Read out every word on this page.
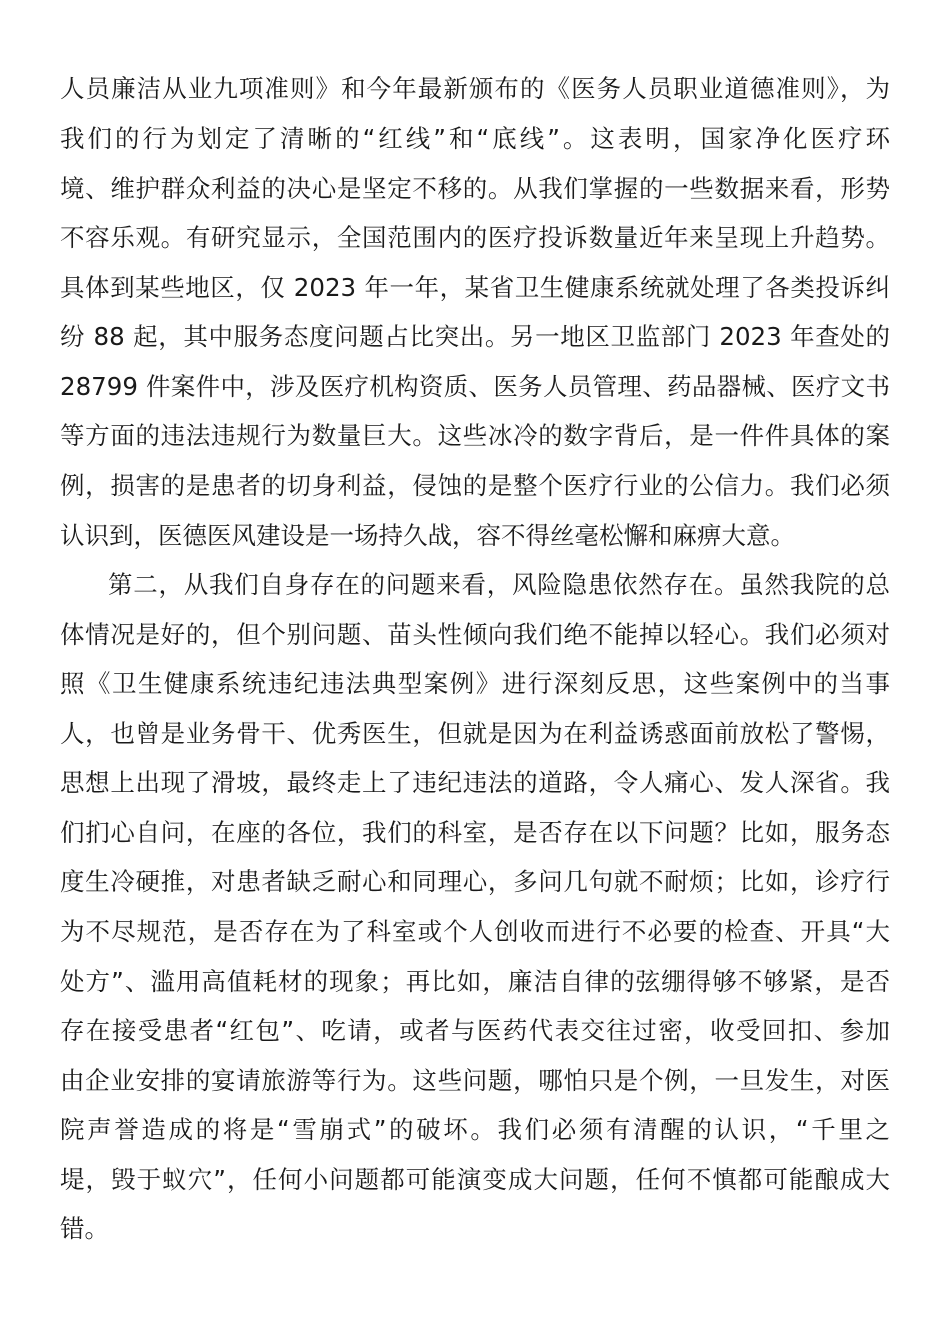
人员廉洁从业九项准则》和今年最新颁布的《医务人员职业道德准则》，为
我们的行为划定了清晰的“红线”和“底线”。这表明，国家净化医疗环
境、维护群众利益的决心是坚定不移的。从我们掌握的一些数据来看，形势
不容乐观。有研究显示，全国范围内的医疗投诉数量近年来呈现上升趋势。
具体到某些地区，仅 2023 年一年，某省卫生健康系统就处理了各类投诉纠
纷 88 起，其中服务态度问题占比突出。另一地区卫监部门 2023 年查处的
28799 件案件中，涉及医疗机构资质、医务人员管理、药品器械、医疗文书
等方面的违法违规行为数量巨大。这些冰冷的数字背后，是一件件具体的案
例，损害的是患者的切身利益，侵蚀的是整个医疗行业的公信力。我们必须
认识到，医德医风建设是一场持久战，容不得丝毫松懈和麻痹大意。
第二，从我们自身存在的问题来看，风险隐患依然存在。虽然我院的总
体情况是好的，但个别问题、苗头性倾向我们绝不能掉以轻心。我们必须对
照《卫生健康系统违纪违法典型案例》进行深刻反思，这些案例中的当事
人，也曾是业务骨干、优秀医生，但就是因为在利益诱惑面前放松了警惕，
思想上出现了滑坡，最终走上了违纪违法的道路，令人痛心、发人深省。我
们扪心自问，在座的各位，我们的科室，是否存在以下问题？比如，服务态
度生冷硬推，对患者缺乏耐心和同理心，多问几句就不耐烦；比如，诊疗行
为不尽规范，是否存在为了科室或个人创收而进行不必要的检查、开具“大
处方”、滥用高值耗材的现象；再比如，廉洁自律的弦绷得够不够紧，是否
存在接受患者“红包”、吃请，或者与医药代表交往过密，收受回扣、参加
由企业安排的宴请旅游等行为。这些问题，哪怕只是个例，一旦发生，对医
院声誉造成的将是“雪崩式”的破坏。我们必须有清醒的认识，“千里之
堤，毁于蚁穴”，任何小问题都可能演变成大问题，任何不慎都可能酿成大
错。
